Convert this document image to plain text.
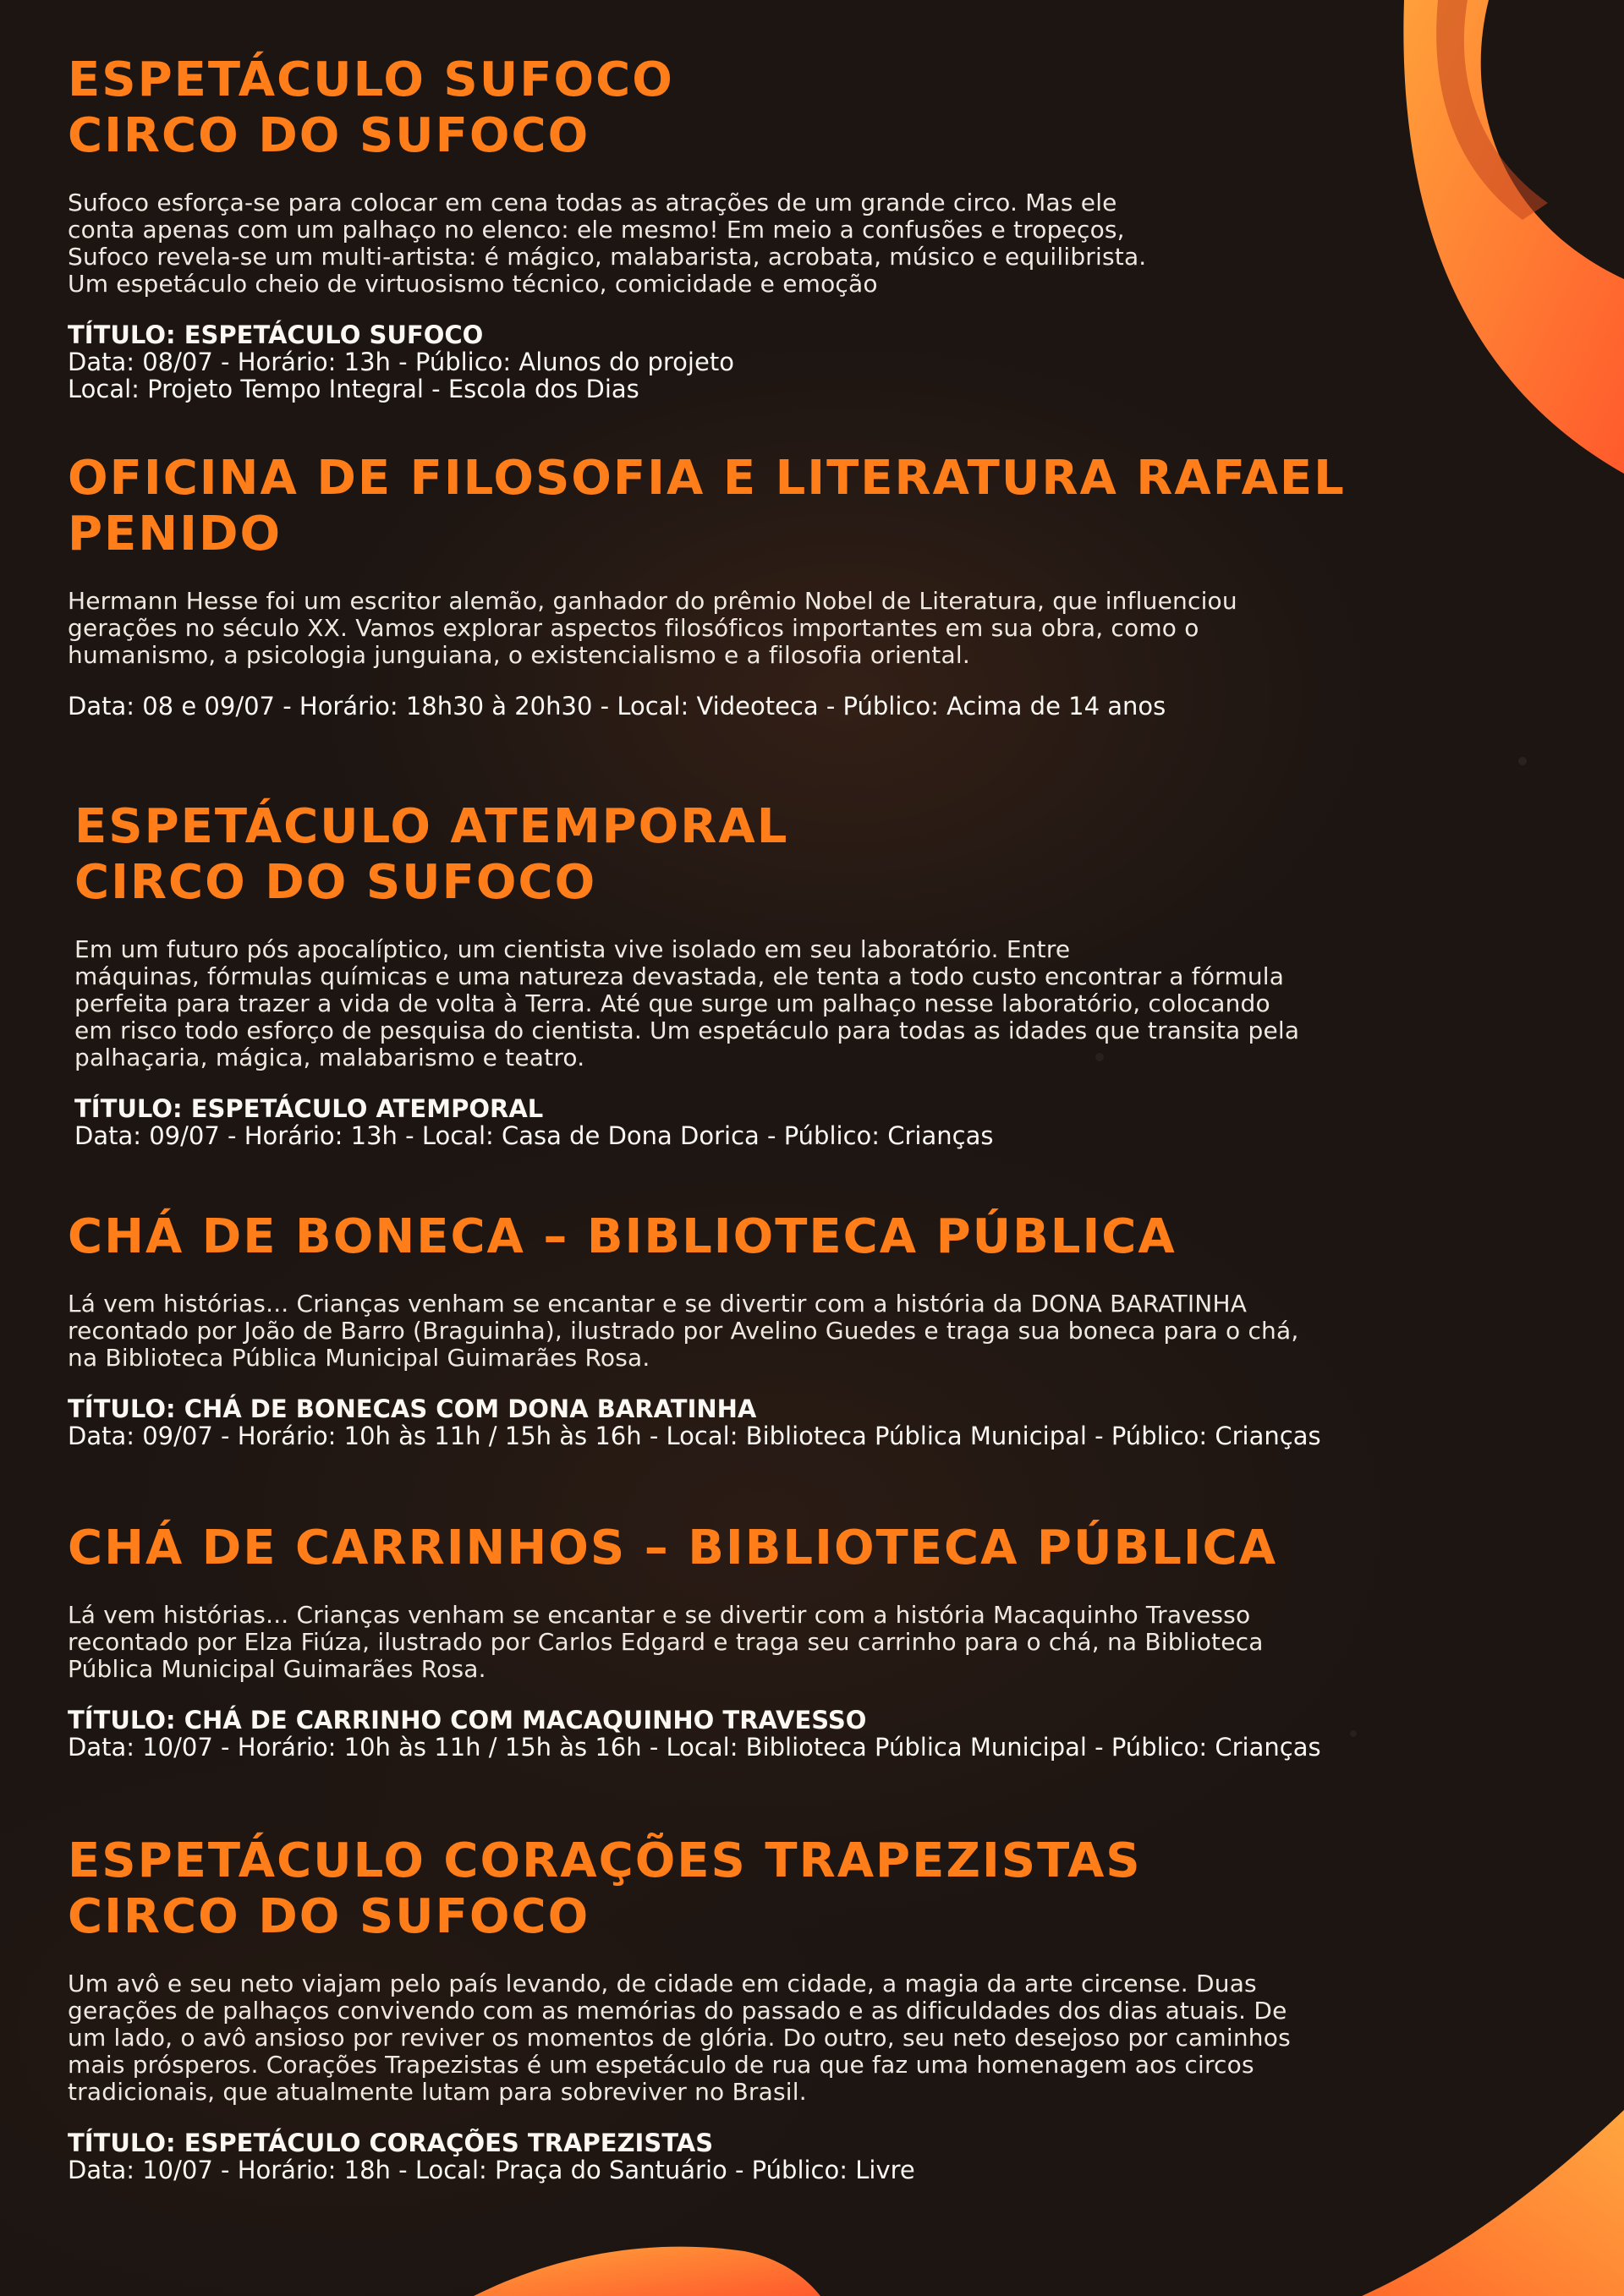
ESPETÁCULO SUFOCO
CIRCO DO SUFOCO

Sufoco esforça-se para colocar em cena todas as atrações de um grande circo. Mas ele
conta apenas com um palhaço no elenco: ele mesmo! Em meio a confusões e tropeços,
Sufoco revela-se um multi-artista: é mágico, malabarista, acrobata, músico e equilibrista.
Um espetáculo cheio de virtuosismo técnico, comicidade e emoção

TÍTULO: ESPETÁCULO SUFOCO
Data: 08/07 - Horário: 13h - Público: Alunos do projeto
Local: Projeto Tempo Integral - Escola dos Dias
OFICINA DE FILOSOFIA E LITERATURA RAFAEL
PENIDO

Hermann Hesse foi um escritor alemão, ganhador do prêmio Nobel de Literatura, que influenciou
gerações no século XX. Vamos explorar aspectos filosóficos importantes em sua obra, como o
humanismo, a psicologia junguiana, o existencialismo e a filosofia oriental.

Data: 08 e 09/07 - Horário: 18h30 à 20h30 - Local: Videoteca - Público: Acima de 14 anos
ESPETÁCULO ATEMPORAL
CIRCO DO SUFOCO

Em um futuro pós apocalíptico, um cientista vive isolado em seu laboratório. Entre
máquinas, fórmulas químicas e uma natureza devastada, ele tenta a todo custo encontrar a fórmula
perfeita para trazer a vida de volta à Terra. Até que surge um palhaço nesse laboratório, colocando
em risco todo esforço de pesquisa do cientista. Um espetáculo para todas as idades que transita pela
palhaçaria, mágica, malabarismo e teatro.

TÍTULO: ESPETÁCULO ATEMPORAL
Data: 09/07 - Horário: 13h - Local: Casa de Dona Dorica - Público: Crianças
CHÁ DE BONECA – BIBLIOTECA PÚBLICA

Lá vem histórias... Crianças venham se encantar e se divertir com a história da DONA BARATINHA
recontado por João de Barro (Braguinha), ilustrado por Avelino Guedes e traga sua boneca para o chá,
na Biblioteca Pública Municipal Guimarães Rosa.

TÍTULO: CHÁ DE BONECAS COM DONA BARATINHA
Data: 09/07 - Horário: 10h às 11h / 15h às 16h - Local: Biblioteca Pública Municipal - Público: Crianças
CHÁ DE CARRINHOS – BIBLIOTECA PÚBLICA

Lá vem histórias... Crianças venham se encantar e se divertir com a história Macaquinho Travesso
recontado por Elza Fiúza, ilustrado por Carlos Edgard e traga seu carrinho para o chá, na Biblioteca
Pública Municipal Guimarães Rosa.

TÍTULO: CHÁ DE CARRINHO COM MACAQUINHO TRAVESSO
Data: 10/07 - Horário: 10h às 11h / 15h às 16h - Local: Biblioteca Pública Municipal - Público: Crianças
ESPETÁCULO CORAÇÕES TRAPEZISTAS
CIRCO DO SUFOCO

Um avô e seu neto viajam pelo país levando, de cidade em cidade, a magia da arte circense. Duas
gerações de palhaços convivendo com as memórias do passado e as dificuldades dos dias atuais. De
um lado, o avô ansioso por reviver os momentos de glória. Do outro, seu neto desejoso por caminhos
mais prósperos. Corações Trapezistas é um espetáculo de rua que faz uma homenagem aos circos
tradicionais, que atualmente lutam para sobreviver no Brasil.

TÍTULO: ESPETÁCULO CORAÇÕES TRAPEZISTAS
Data: 10/07 - Horário: 18h - Local: Praça do Santuário - Público: Livre
